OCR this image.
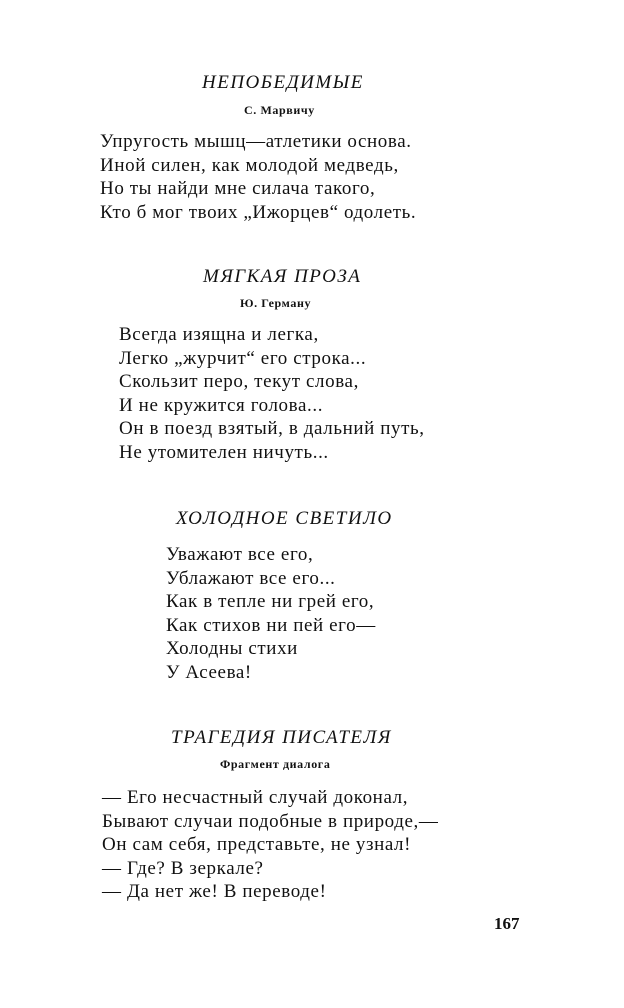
НЕПОБЕДИМЫЕ
С. Марвичу
Упругость мышц—атлетики основа.
Иной силен, как молодой медведь,
Но ты найди мне силача такого,
Кто б мог твоих „Ижорцев“ одолеть.
МЯГКАЯ ПРОЗА
Ю. Герману
Всегда изящна и легка,
Легко „журчит“ его строка...
Скользит перо, текут слова,
И не кружится голова...
Он в поезд взятый, в дальний путь,
Не утомителен ничуть...
ХОЛОДНОЕ СВЕТИЛО
Уважают все его,
Ублажают все его...
Как в тепле ни грей его,
Как стихов ни пей его—
Холодны стихи
У Асеева!
ТРАГЕДИЯ ПИСАТЕЛЯ
Фрагмент диалога
— Его несчастный случай доконал,
Бывают случаи подобные в природе,—
Он сам себя, представьте, не узнал!
— Где? В зеркале?
— Да нет же! В переводе!
167
